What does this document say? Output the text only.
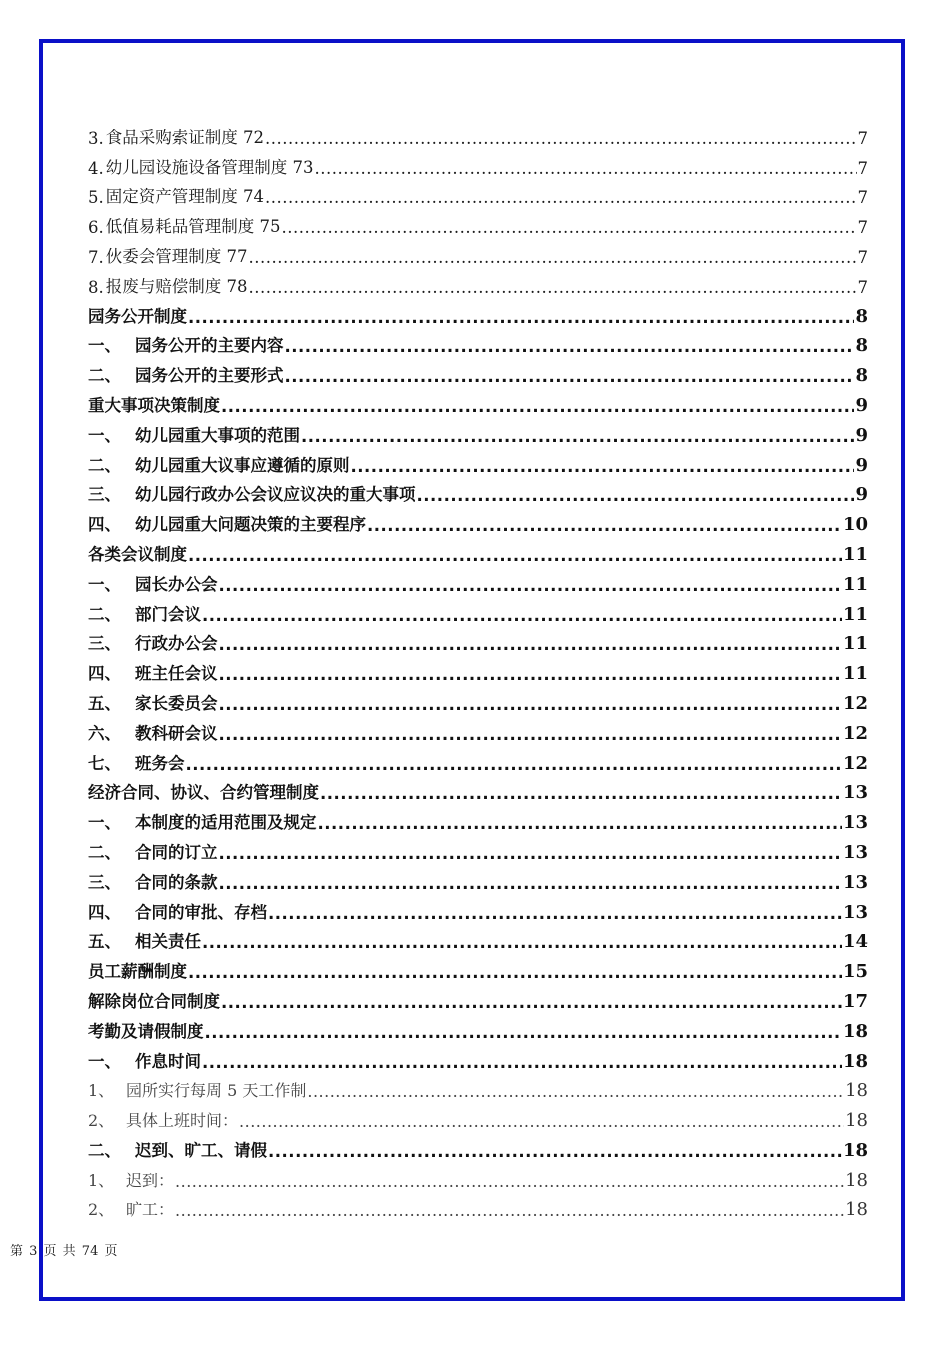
3. 食品采购索证制度 72 .....	7
4. 幼儿园设施设备管理制度 73 .....	7
5. 固定资产管理制度 74 .....	7
6. 低值易耗品管理制度 75 .....	7
7. 伙委会管理制度 77 .....	7
8. 报废与赔偿制度 78 .....	7
园务公开制度 .....	8
一、 园务公开的主要内容 .....	8
二、 园务公开的主要形式 .....	8
重大事项决策制度 .....	9
一、 幼儿园重大事项的范围 .....	9
二、 幼儿园重大议事应遵循的原则 .....	9
三、 幼儿园行政办公会议应议决的重大事项 .....	9
四、 幼儿园重大问题决策的主要程序 .....	10
各类会议制度 .....	11
一、 园长办公会 .....	11
二、 部门会议 .....	11
三、 行政办公会 .....	11
四、 班主任会议 .....	11
五、 家长委员会 .....	12
六、 教科研会议 .....	12
七、 班务会 .....	12
经济合同、协议、合约管理制度 .....	13
一、 本制度的适用范围及规定 .....	13
二、 合同的订立 .....	13
三、 合同的条款 .....	13
四、 合同的审批、存档 .....	13
五、 相关责任 .....	14
员工薪酬制度 .....	15
解除岗位合同制度 .....	17
考勤及请假制度 .....	18
一、 作息时间 .....	18
1、 园所实行每周 5 天工作制 .....	18
2、 具体上班时间： .....	18
二、 迟到、旷工、请假 .....	18
1、 迟到： .....	18
2、 旷工： .....	18
第 3 页 共 74 页
